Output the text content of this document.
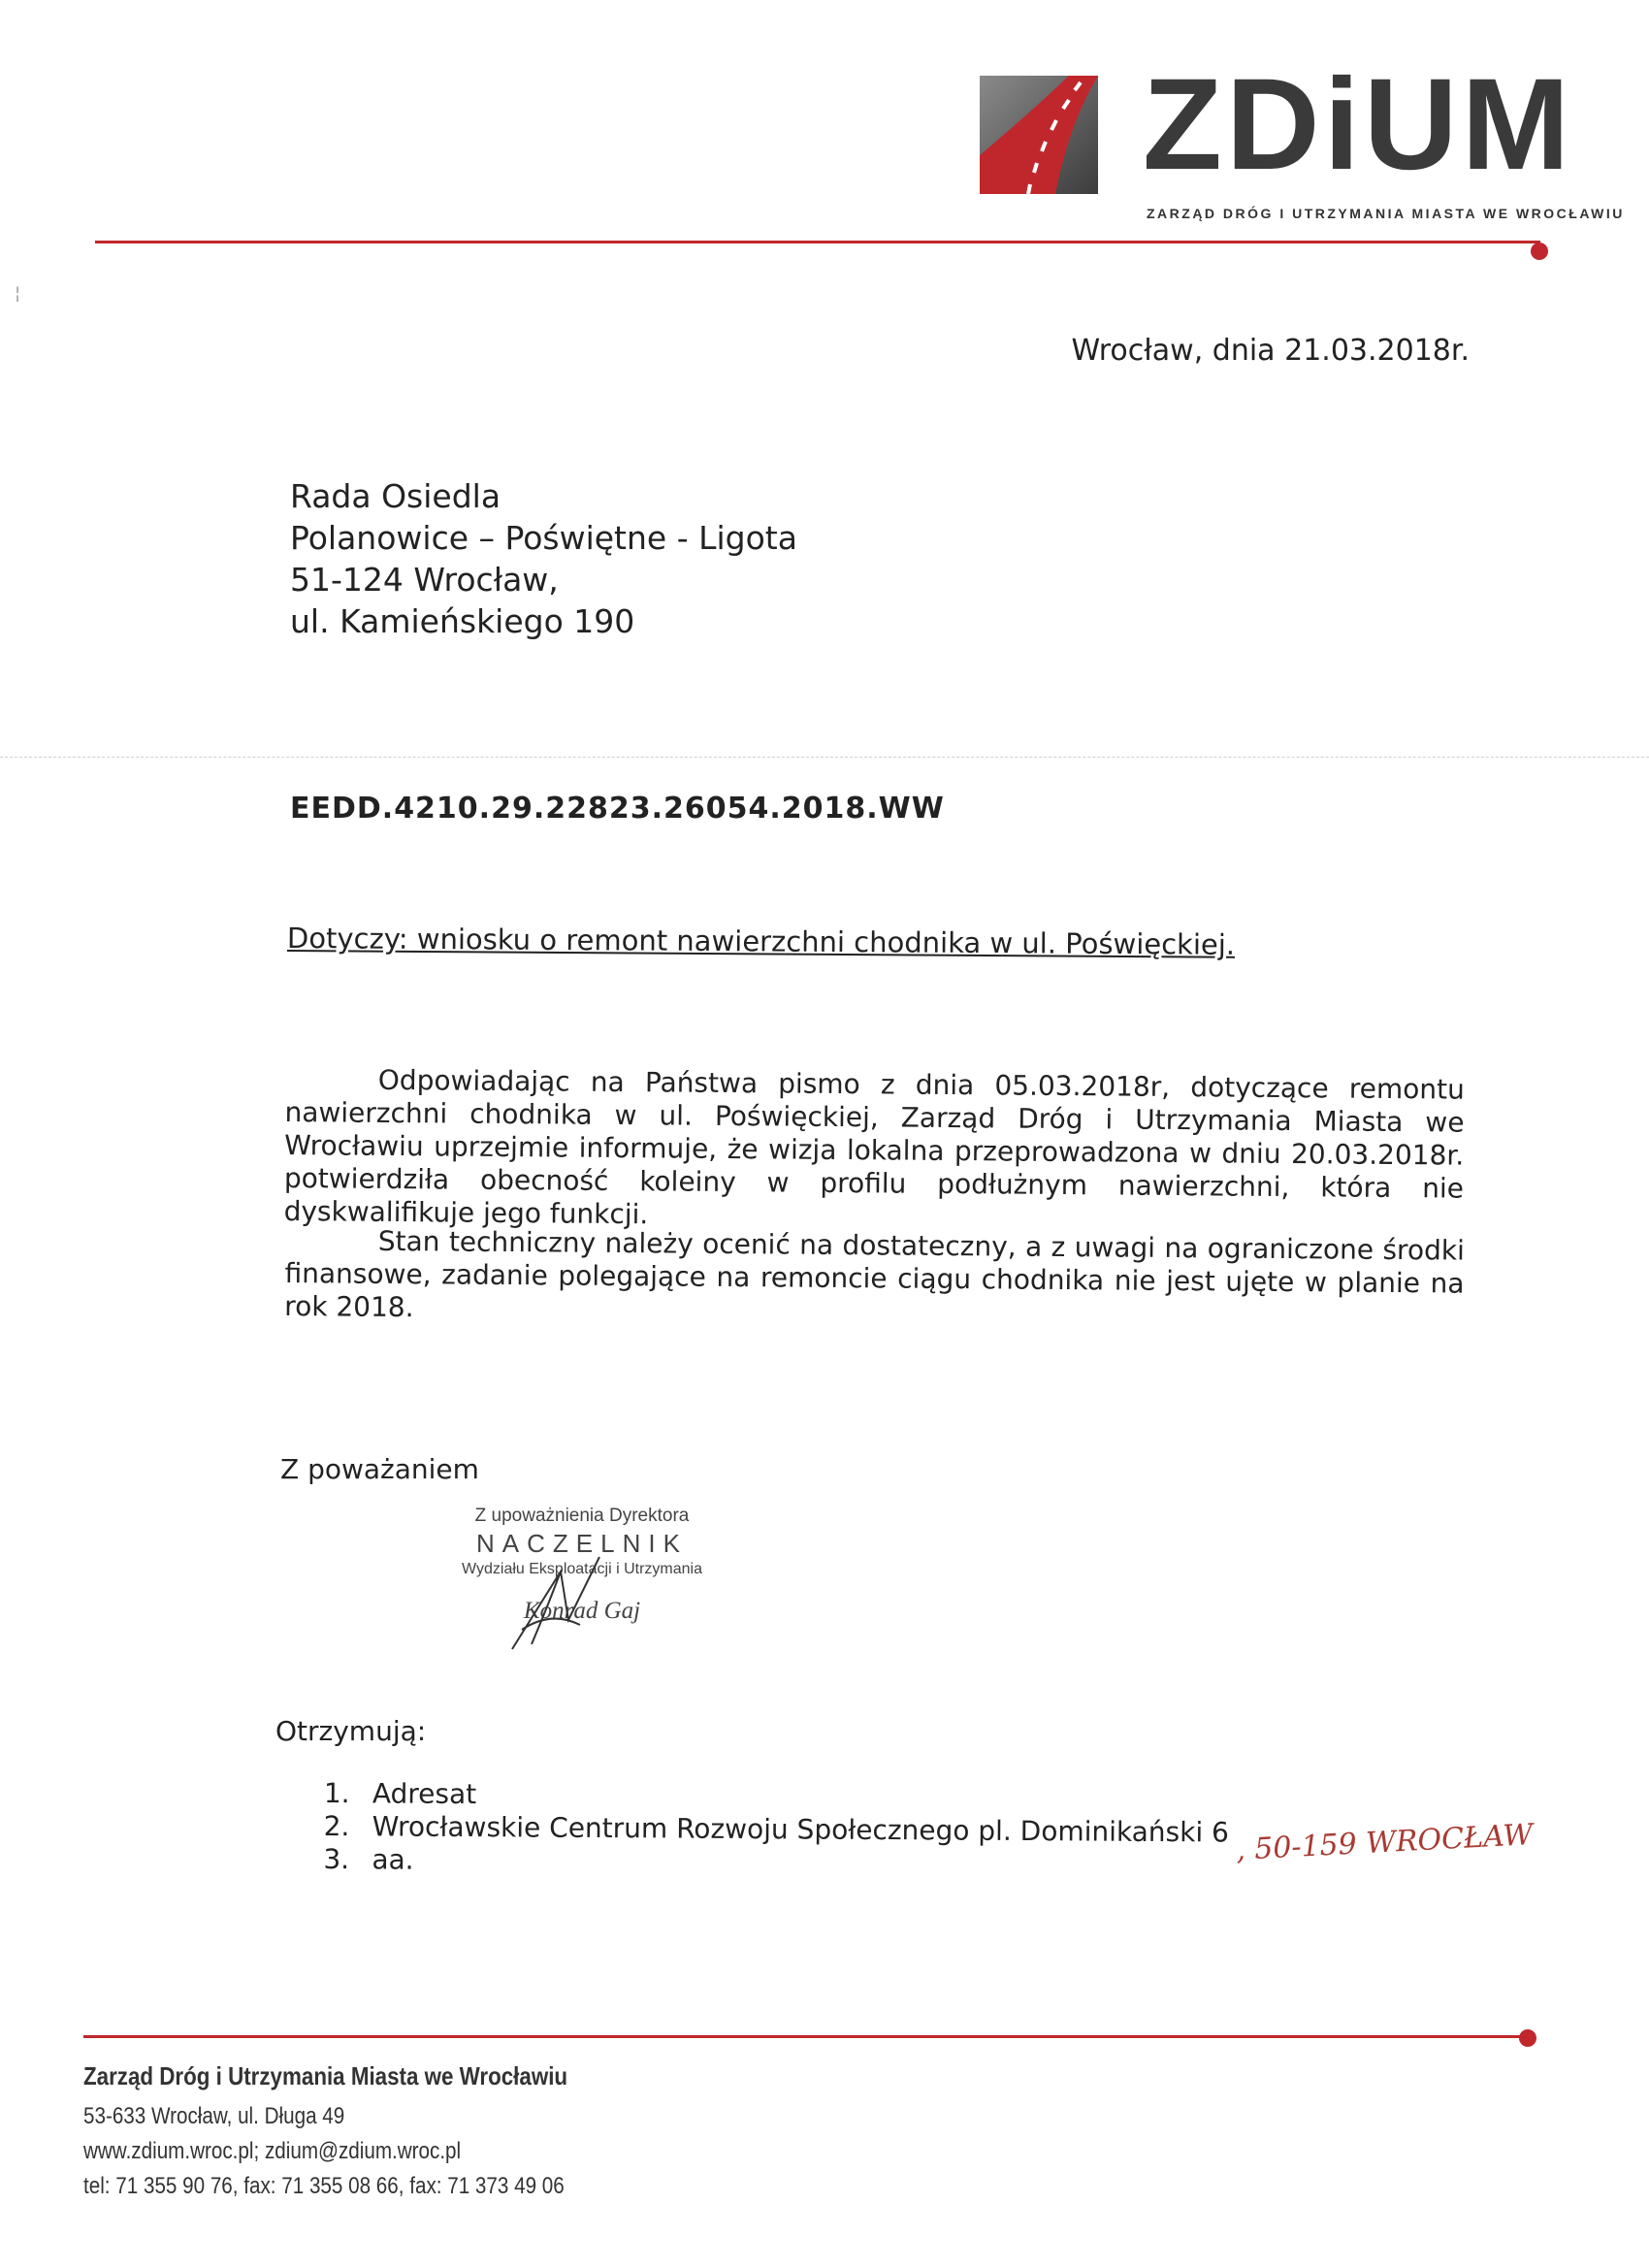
ZDiUM
ZARZĄD DRÓG I UTRZYMANIA MIASTA WE WROCŁAWIU
¦
Wrocław, dnia 21.03.2018r.
Rada Osiedla
Polanowice – Poświętne - Ligota
51-124 Wrocław,
ul. Kamieńskiego 190
EEDD.4210.29.22823.26054.2018.WW
Dotyczy: wniosku o remont nawierzchni chodnika w ul. Poświęckiej.
Odpowiadając na Państwa pismo z dnia 05.03.2018r, dotyczące remontu nawierzchni chodnika w ul. Poświęckiej, Zarząd Dróg i Utrzymania Miasta we Wrocławiu uprzejmie informuje, że wizja lokalna przeprowadzona w dniu 20.03.2018r. potwierdziła obecność koleiny w profilu podłużnym nawierzchni, która nie dyskwalifikuje jego funkcji.
Stan techniczny należy ocenić na dostateczny, a z uwagi na ograniczone środki finansowe, zadanie polegające na remoncie ciągu chodnika nie jest ujęte w planie na rok 2018.
Z poważaniem
Z upoważnienia Dyrektora
NACZELNIK
Wydziału Eksploatacji i Utrzymania
Konrad Gaj
Otrzymują:
1. Adresat
2. Wrocławskie Centrum Rozwoju Społecznego pl. Dominikański 6
3. aa.	, 50-159 WROCŁAW
Zarząd Dróg i Utrzymania Miasta we Wrocławiu
53-633 Wrocław, ul. Długa 49
www.zdium.wroc.pl; zdium@zdium.wroc.pl
tel: 71 355 90 76, fax: 71 355 08 66, fax: 71 373 49 06
